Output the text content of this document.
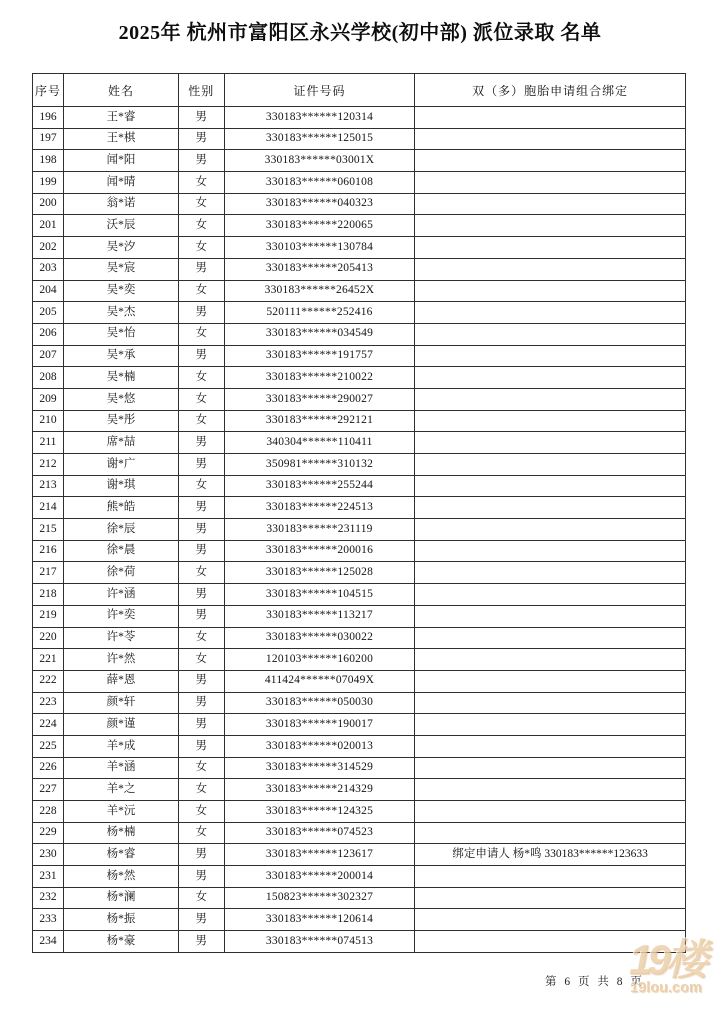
2025年 杭州市富阳区永兴学校(初中部) 派位录取 名单
序号	姓名	性别	证件号码	双（多）胞胎申请组合绑定
196	王*睿	男	330183******120314	
197	王*棋	男	330183******125015	
198	闻*阳	男	330183******03001X	
199	闻*晴	女	330183******060108	
200	翁*诺	女	330183******040323	
201	沃*辰	女	330183******220065	
202	吴*汐	女	330103******130784	
203	吴*宸	男	330183******205413	
204	吴*奕	女	330183******26452X	
205	吴*杰	男	520111******252416	
206	吴*怡	女	330183******034549	
207	吴*承	男	330183******191757	
208	吴*楠	女	330183******210022	
209	吴*悠	女	330183******290027	
210	吴*彤	女	330183******292121	
211	席*喆	男	340304******110411	
212	谢*广	男	350981******310132	
213	谢*琪	女	330183******255244	
214	熊*皓	男	330183******224513	
215	徐*辰	男	330183******231119	
216	徐*晨	男	330183******200016	
217	徐*荷	女	330183******125028	
218	许*涵	男	330183******104515	
219	许*奕	男	330183******113217	
220	许*苓	女	330183******030022	
221	许*然	女	120103******160200	
222	薛*恩	男	411424******07049X	
223	颜*轩	男	330183******050030	
224	颜*谨	男	330183******190017	
225	羊*成	男	330183******020013	
226	羊*涵	女	330183******314529	
227	羊*之	女	330183******214329	
228	羊*沅	女	330183******124325	
229	杨*楠	女	330183******074523	
230	杨*睿	男	330183******123617	绑定申请人 杨*鸣 330183******123633
231	杨*然	男	330183******200014	
232	杨*澜	女	150823******302327	
233	杨*振	男	330183******120614	
234	杨*豪	男	330183******074513	
第 6 页 共 8 页
19楼
19lou.com
